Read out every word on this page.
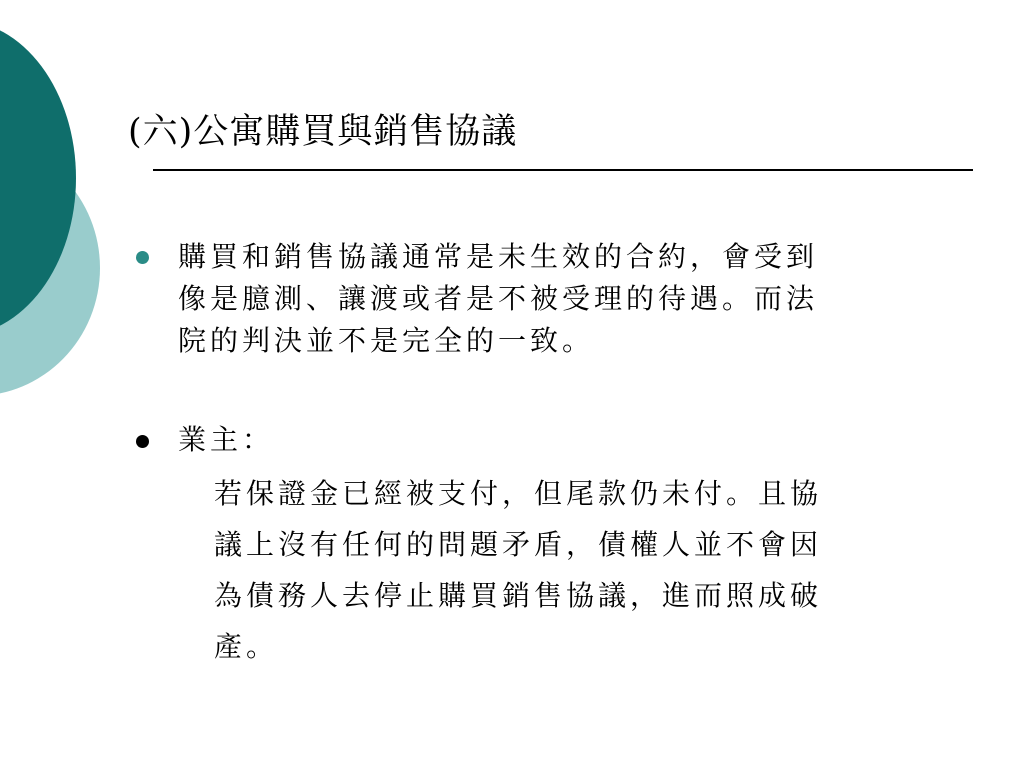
(六)公寓購買與銷售協議
購買和銷售協議通常是未生效的合約，會受到
像是臆測、讓渡或者是不被受理的待遇。而法
院的判決並不是完全的一致。
業主：
若保證金已經被支付，但尾款仍未付。且協
議上沒有任何的問題矛盾，債權人並不會因
為債務人去停止購買銷售協議，進而照成破
產。
